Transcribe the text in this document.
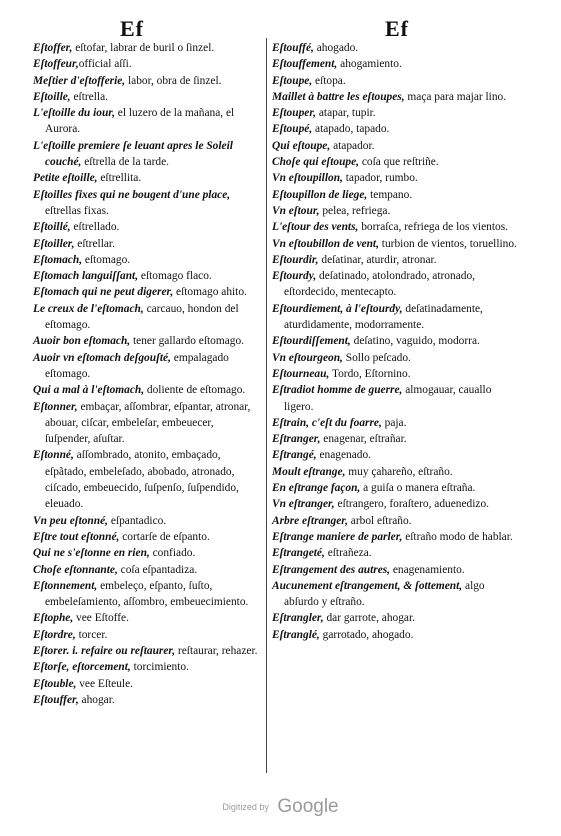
Ef	Ef

Eſtoffer, eſtofar, labrar de buril o ſinzel.

Eſtoffeur,official aſſi.

Meſtier d'eſtofferie, labor, obra de ſinzel.

Eſtoille, eſtrella.

L'eſtoille du iour, el luzero de la mañana, el Aurora.

L'eſtoille premiere ſe leuant apres le Soleil couché, eſtrella de la tarde.

Petite eſtoille, eſtrellita.

Eſtoilles fixes qui ne bougent d'une place, eſtrellas fixas.

Eſtoillé, eſtrellado.

Eſtoiller, eſtrellar.

Eſtomach, eſtomago.

Eſtomach languiſſant, eſtomago flaco.

Eſtomach qui ne peut digerer, eſtomago ahito.

Le creux de l'eſtomach, carcauo, hondon del eſtomago.

Auoir bon eſtomach, tener gallardo eſtomago.

Auoir vn eſtomach deſgouſté, empalagado eſtomago.

Qui a mal à l'eſtomach, doliente de eſtomago.

Eſtonner, embaçar, aſſombrar, eſpantar, atronar, abouar, ciſcar, embeleſar, embeuecer, ſuſpender, aſuſtar.

Eſtonné, aſſombrado, atonito, embaçado, eſpãtado, embeleſado, abobado, atronado, ciſcado, embeuecido, ſuſpenſo, ſuſpendido, eleuado.

Vn peu eſtonné, eſpantadico.

Eſtre tout eſtonné, cortarſe de eſpanto.

Qui ne s'eſtonne en rien, confiado.

Choſe eſtonnante, coſa eſpantadiza.

Eſtonnement, embeleço, eſpanto, ſuſto, embeleſamiento, aſſombro, embeuecimiento.

Eſtophe, vee Eſtoffe.

Eſtordre, torcer.

Eſtorer. i. refaire ou reſtaurer, reſtaurar, rehazer.

Eſtorſe, eſtorcement, torcimiento.

Eſtouble, vee Eſteule.

Eſtouffer, ahogar.

Eſtouffé, ahogado.

Eſtouffement, ahogamiento.

Eſtoupe, eſtopa.

Maillet à battre les eſtoupes, maça para majar lino.

Eſtouper, atapar, tupir.

Eſtoupé, atapado, tapado.

Qui eſtoupe, atapador.

Choſe qui eſtoupe, coſa que reſtriñe.

Vn eſtoupillon, tapador, rumbo.

Eſtoupillon de liege, tempano.

Vn eſtour, pelea, refriega.

L'eſtour des vents, borraſca, refriega de los vientos.

Vn eſtoubillon de vent, turbion de vientos, toruellino.

Eſtourdir, deſatinar, aturdir, atronar.

Eſtourdy, deſatinado, atolondrado, atronado, eſtordecido, mentecapto.

Eſtourdiement, à l'eſtourdy, deſatinadamente, aturdidamente, modorramente.

Eſtourdiſſement, deſatino, vaguido, modorra.

Vn eſtourgeon, Sollo peſcado.

Eſtourneau, Tordo, Eſtornino.

Eſtradiot homme de guerre, almogauar, cauallo ligero.

Eſtrain, c'eſt du foarre, paja.

Eſtranger, enagenar, eſtrañar.

Eſtrangé, enagenado.

Moult eſtrange, muy çahareño, eſtraño.

En eſtrange façon, a guiſa o manera eſtraña.

Vn eſtranger, eſtrangero, foraſtero, aduenedizo.

Arbre eſtranger, arbol eſtraño.

Eſtrange maniere de parler, eſtraño modo de hablar.

Eſtrangeté, eſtrañeza.

Eſtrangement des autres, enagenamiento.

Aucunement eſtrangement, & ſottement, algo abſurdo y eſtraño.

Eſtrangler, dar garrote, ahogar.

Eſtranglé, garrotado, ahogado.

Digitized by Google
